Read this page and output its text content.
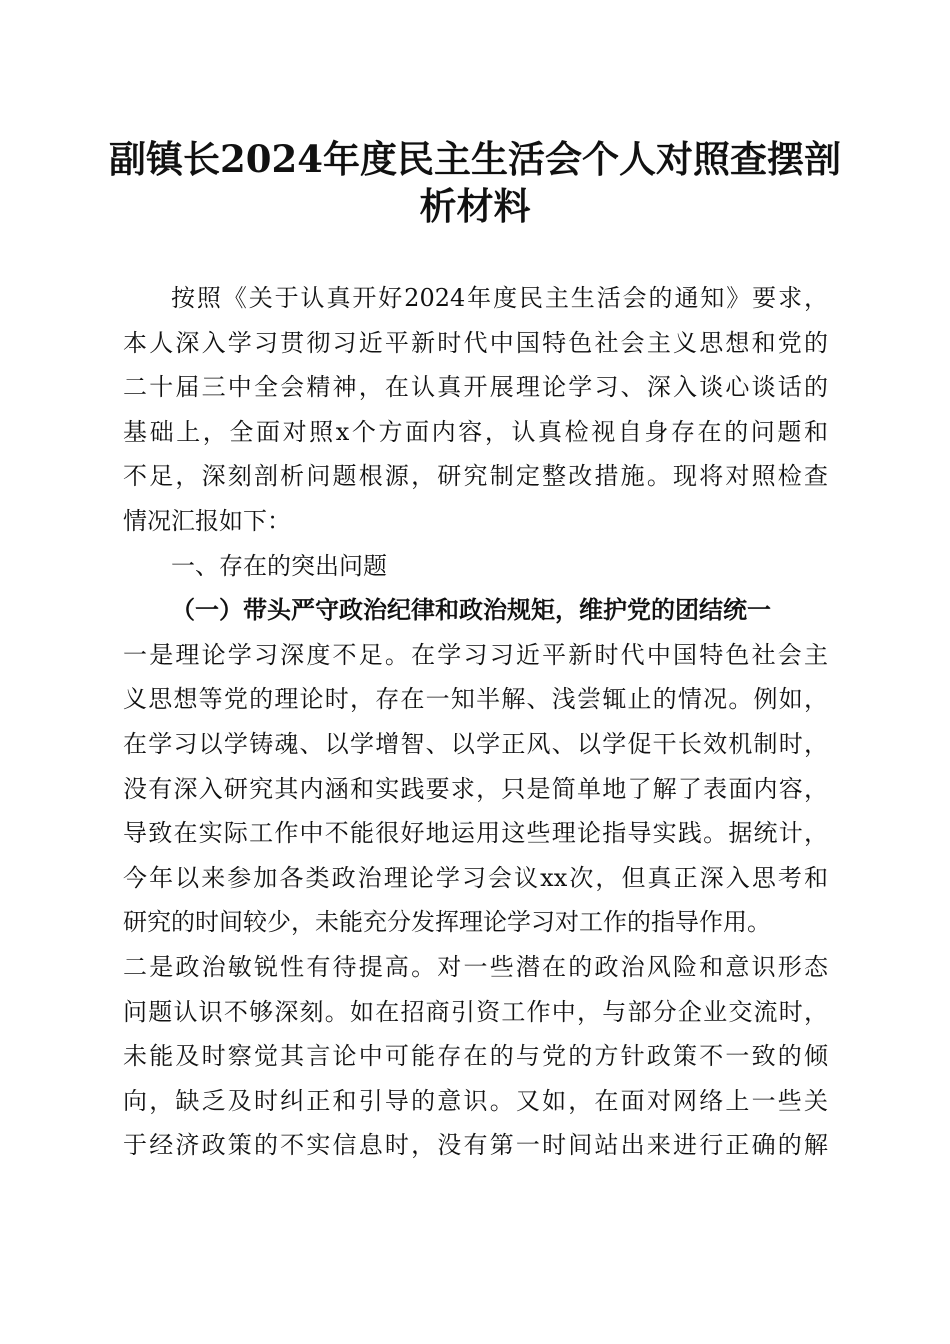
副镇长2024年度民主生活会个人对照查摆剖
析材料
按照《关于认真开好2024年度民主生活会的通知》要求，
本人深入学习贯彻习近平新时代中国特色社会主义思想和党的
二十届三中全会精神，在认真开展理论学习、深入谈心谈话的
基础上，全面对照x个方面内容，认真检视自身存在的问题和
不足，深刻剖析问题根源，研究制定整改措施。现将对照检查
情况汇报如下：
一、存在的突出问题
（一）带头严守政治纪律和政治规矩，维护党的团结统一
一是理论学习深度不足。在学习习近平新时代中国特色社会主
义思想等党的理论时，存在一知半解、浅尝辄止的情况。例如，
在学习以学铸魂、以学增智、以学正风、以学促干长效机制时，
没有深入研究其内涵和实践要求，只是简单地了解了表面内容，
导致在实际工作中不能很好地运用这些理论指导实践。据统计，
今年以来参加各类政治理论学习会议xx次，但真正深入思考和
研究的时间较少，未能充分发挥理论学习对工作的指导作用。
二是政治敏锐性有待提高。对一些潜在的政治风险和意识形态
问题认识不够深刻。如在招商引资工作中，与部分企业交流时，
未能及时察觉其言论中可能存在的与党的方针政策不一致的倾
向，缺乏及时纠正和引导的意识。又如，在面对网络上一些关
于经济政策的不实信息时，没有第一时间站出来进行正确的解
